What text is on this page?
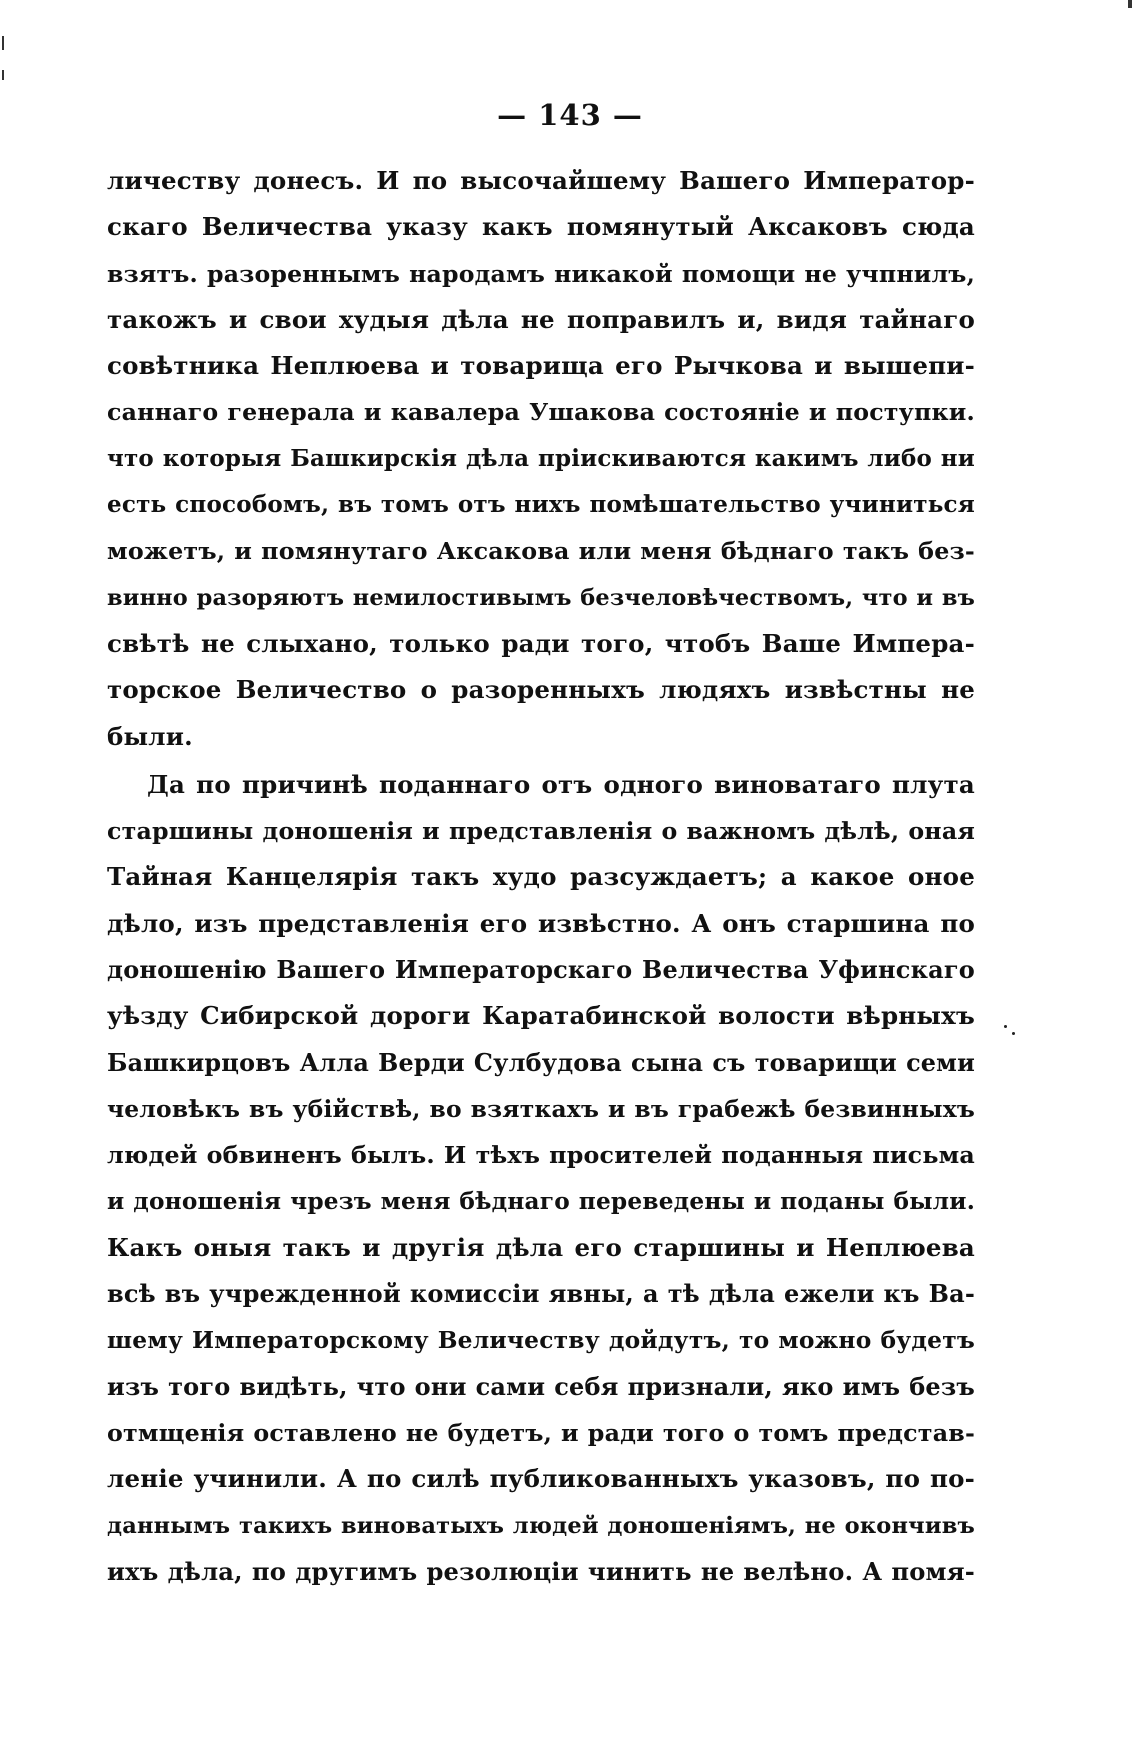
— 143 —
личеству донесъ. И по высочайшему Вашего Император-
скаго Величества указу какъ помянутый Аксаковъ сюда
взятъ. разореннымъ народамъ никакой помощи не учпнилъ,
такожъ и свои худыя дѣла не поправилъ и, видя тайнаго
совѣтника Неплюева и товарища его Рычкова и вышепи-
саннаго генерала и кавалера Ушакова состояніе и поступки.
что которыя Башкирскія дѣла пріискиваются какимъ либо ни
есть способомъ, въ томъ отъ нихъ помѣшательство учиниться
можетъ, и помянутаго Аксакова или меня бѣднаго такъ без-
винно разоряютъ немилостивымъ безчеловѣчествомъ, что и въ
свѣтѣ не слыхано, только ради того, чтобъ Ваше Импера-
торское Величество о разоренныхъ людяхъ извѣстны не
были.
Да по причинѣ поданнаго отъ одного виноватаго плута
старшины доношенія и представленія о важномъ дѣлѣ, оная
Тайная Канцелярія такъ худо разсуждаетъ; а какое оное
дѣло, изъ представленія его извѣстно. А онъ старшина по
доношенію Вашего Императорскаго Величества Уфинскаго
уѣзду Сибирской дороги Каратабинской волости вѣрныхъ
Башкирцовъ Алла Верди Сулбудова сына съ товарищи семи
человѣкъ въ убійствѣ, во взяткахъ и въ грабежѣ безвинныхъ
людей обвиненъ былъ. И тѣхъ просителей поданныя письма
и доношенія чрезъ меня бѣднаго переведены и поданы были.
Какъ оныя такъ и другія дѣла его старшины и Неплюева
всѣ въ учрежденной комиссіи явны, а тѣ дѣла ежели къ Ва-
шему Императорскому Величеству дойдутъ, то можно будетъ
изъ того видѣть, что они сами себя признали, яко имъ безъ
отмщенія оставлено не будетъ, и ради того о томъ представ-
леніе учинили. А по силѣ публикованныхъ указовъ, по по-
даннымъ такихъ виноватыхъ людей доношеніямъ, не окончивъ
ихъ дѣла, по другимъ резолюціи чинить не велѣно. А помя-
